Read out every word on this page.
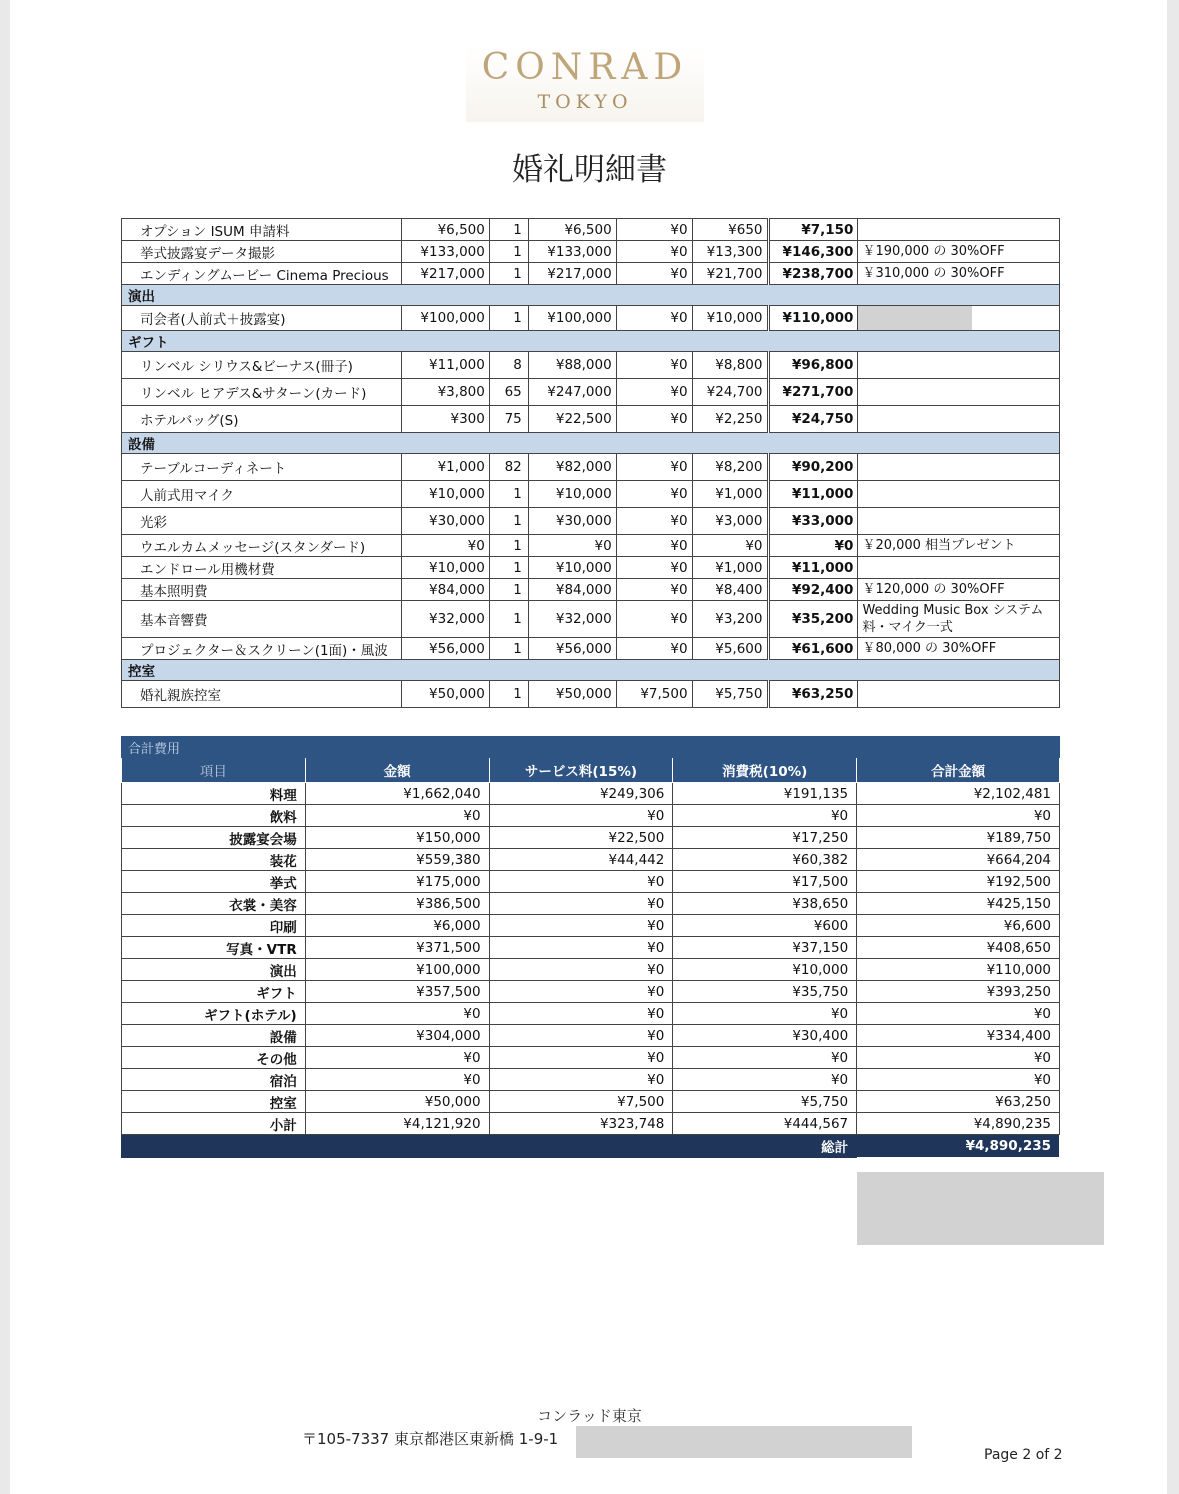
CONRAD
TOKYO
婚礼明細書
オプション ISUM 申請料	¥6,500	1	¥6,500	¥0	¥650	¥7,150	
挙式披露宴データ撮影	¥133,000	1	¥133,000	¥0	¥13,300	¥146,300	￥190,000 の 30%OFF
エンディングムービー Cinema Precious	¥217,000	1	¥217,000	¥0	¥21,700	¥238,700	￥310,000 の 30%OFF
演出							
司会者(人前式＋披露宴)	¥100,000	1	¥100,000	¥0	¥10,000	¥110,000	

ギフト							
リンベル シリウス&ビーナス(冊子)	¥11,000	8	¥88,000	¥0	¥8,800	¥96,800	
リンベル ヒアデス&サターン(カード)	¥3,800	65	¥247,000	¥0	¥24,700	¥271,700	
ホテルバッグ(S)	¥300	75	¥22,500	¥0	¥2,250	¥24,750	
設備							
テーブルコーディネート	¥1,000	82	¥82,000	¥0	¥8,200	¥90,200	
人前式用マイク	¥10,000	1	¥10,000	¥0	¥1,000	¥11,000	
光彩	¥30,000	1	¥30,000	¥0	¥3,000	¥33,000	
ウエルカムメッセージ(スタンダード)	¥0	1	¥0	¥0	¥0	¥0	￥20,000 相当プレゼント
エンドロール用機材費	¥10,000	1	¥10,000	¥0	¥1,000	¥11,000	
基本照明費	¥84,000	1	¥84,000	¥0	¥8,400	¥92,400	￥120,000 の 30%OFF
基本音響費	¥32,000	1	¥32,000	¥0	¥3,200	¥35,200	Wedding Music Box システム料・マイク一式
プロジェクター＆スクリーン(1面)・風波	¥56,000	1	¥56,000	¥0	¥5,600	¥61,600	￥80,000 の 30%OFF
控室							
婚礼親族控室	¥50,000	1	¥50,000	¥7,500	¥5,750	¥63,250	
合計費用				
項目	金額	サービス料(15%)	消費税(10%)	合計金額
料理	¥1,662,040	¥249,306	¥191,135	¥2,102,481
飲料	¥0	¥0	¥0	¥0
披露宴会場	¥150,000	¥22,500	¥17,250	¥189,750
装花	¥559,380	¥44,442	¥60,382	¥664,204
挙式	¥175,000	¥0	¥17,500	¥192,500
衣裳・美容	¥386,500	¥0	¥38,650	¥425,150
印刷	¥6,000	¥0	¥600	¥6,600
写真・VTR	¥371,500	¥0	¥37,150	¥408,650
演出	¥100,000	¥0	¥10,000	¥110,000
ギフト	¥357,500	¥0	¥35,750	¥393,250
ギフト(ホテル)	¥0	¥0	¥0	¥0
設備	¥304,000	¥0	¥30,400	¥334,400
その他	¥0	¥0	¥0	¥0
宿泊	¥0	¥0	¥0	¥0
控室	¥50,000	¥7,500	¥5,750	¥63,250
小計	¥4,121,920	¥323,748	¥444,567	¥4,890,235
総計				¥4,890,235
コンラッド東京
〒105-7337 東京都港区東新橋 1-9-1
Page 2 of 2
